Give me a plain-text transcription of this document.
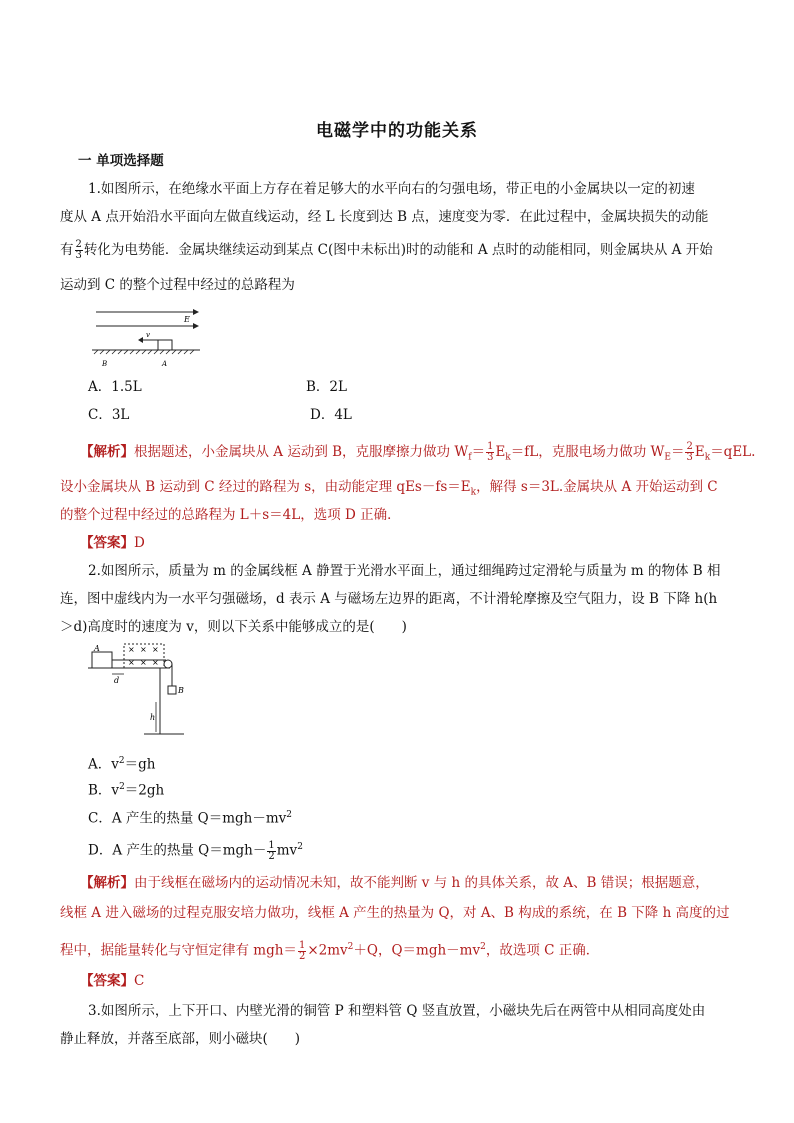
电磁学中的功能关系
一 单项选择题
1.如图所示，在绝缘水平面上方存在着足够大的水平向右的匀强电场，带正电的小金属块以一定的初速
度从 A 点开始沿水平面向左做直线运动，经 L 长度到达 B 点，速度变为零．在此过程中，金属块损失的动能
有 $\frac{2}{3}$ 转化为电势能．金属块继续运动到某点 C(图中未标出)时的动能和 A 点时的动能相同，则金属块从 A 开始
运动到 C 的整个过程中经过的总路程为
E
v
B	A
A．1.5L	B．2L
C．3L	D．4L
【解析】根据题述，小金属块从 A 运动到 B，克服摩擦力做功 $W_f= \frac{1}{3} E_k=fL$，克服电场力做功 $W_E= \frac{2}{3} E_k=qEL$.
设小金属块从 B 运动到 C 经过的路程为 s，由动能定理 $qEs-fs=E_k$，解得 s＝3L.金属块从 A 开始运动到 C
的整个过程中经过的总路程为 L＋s＝4L，选项 D 正确．
【答案】D
2.如图所示，质量为 m 的金属线框 A 静置于光滑水平面上，通过细绳跨过定滑轮与质量为 m 的物体 B 相
连，图中虚线内为一水平匀强磁场，d 表示 A 与磁场左边界的距离，不计滑轮摩擦及空气阻力，设 B 下降 h(h
＞d)高度时的速度为 v，则以下关系中能够成立的是(　　)
A	× × ×
× × ×
d
B
h
A．$v^2=gh$
B．$v^2=2gh$
C．A 产生的热量 $Q=mgh-mv^2$
D．A 产生的热量 $Q=mgh- \frac{1}{2} mv^2$
【解析】由于线框在磁场内的运动情况未知，故不能判断 v 与 h 的具体关系，故 A、B 错误；根据题意，
线框 A 进入磁场的过程克服安培力做功，线框 A 产生的热量为 Q，对 A、B 构成的系统，在 B 下降 h 高度的过
程中，据能量转化与守恒定律有 $mgh= \frac{1}{2} \times 2mv^2+Q$，$Q=mgh-mv^2$，故选项 C 正确．
【答案】C
3.如图所示，上下开口、内壁光滑的铜管 P 和塑料管 Q 竖直放置，小磁块先后在两管中从相同高度处由
静止释放，并落至底部，则小磁块(　　)
